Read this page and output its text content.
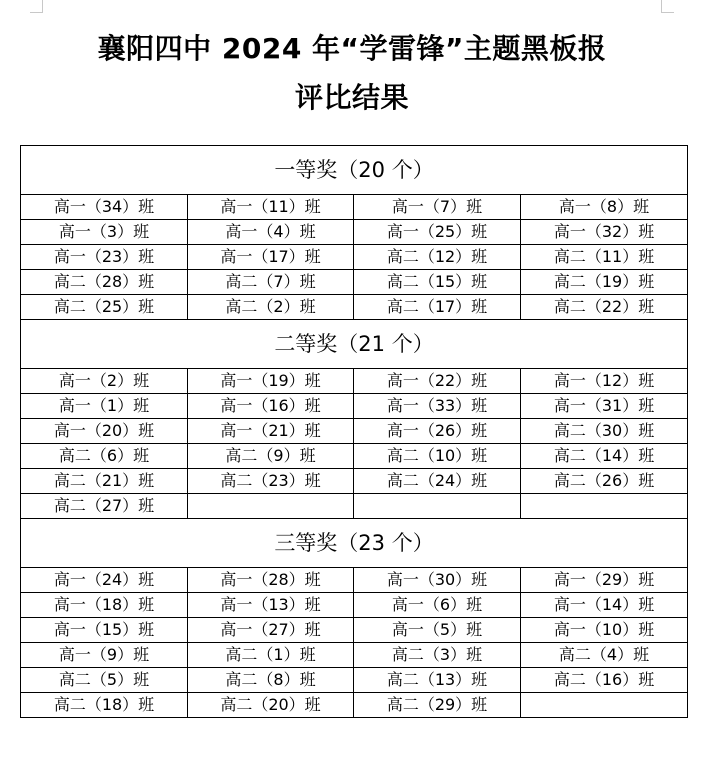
襄阳四中 2024 年“学雷锋”主题黑板报
评比结果
一等奖（20 个）			
高一（34）班	高一（11）班	高一（7）班	高一（8）班
高一（3）班	高一（4）班	高一（25）班	高一（32）班
高一（23）班	高一（17）班	高二（12）班	高二（11）班
高二（28）班	高二（7）班	高二（15）班	高二（19）班
高二（25）班	高二（2）班	高二（17）班	高二（22）班
二等奖（21 个）			
高一（2）班	高一（19）班	高一（22）班	高一（12）班
高一（1）班	高一（16）班	高一（33）班	高一（31）班
高一（20）班	高一（21）班	高一（26）班	高二（30）班
高二（6）班	高二（9）班	高二（10）班	高二（14）班
高二（21）班	高二（23）班	高二（24）班	高二（26）班
高二（27）班			
三等奖（23 个）			
高一（24）班	高一（28）班	高一（30）班	高一（29）班
高一（18）班	高一（13）班	高一（6）班	高一（14）班
高一（15）班	高一（27）班	高一（5）班	高一（10）班
高一（9）班	高二（1）班	高二（3）班	高二（4）班
高二（5）班	高二（8）班	高二（13）班	高二（16）班
高二（18）班	高二（20）班	高二（29）班	
